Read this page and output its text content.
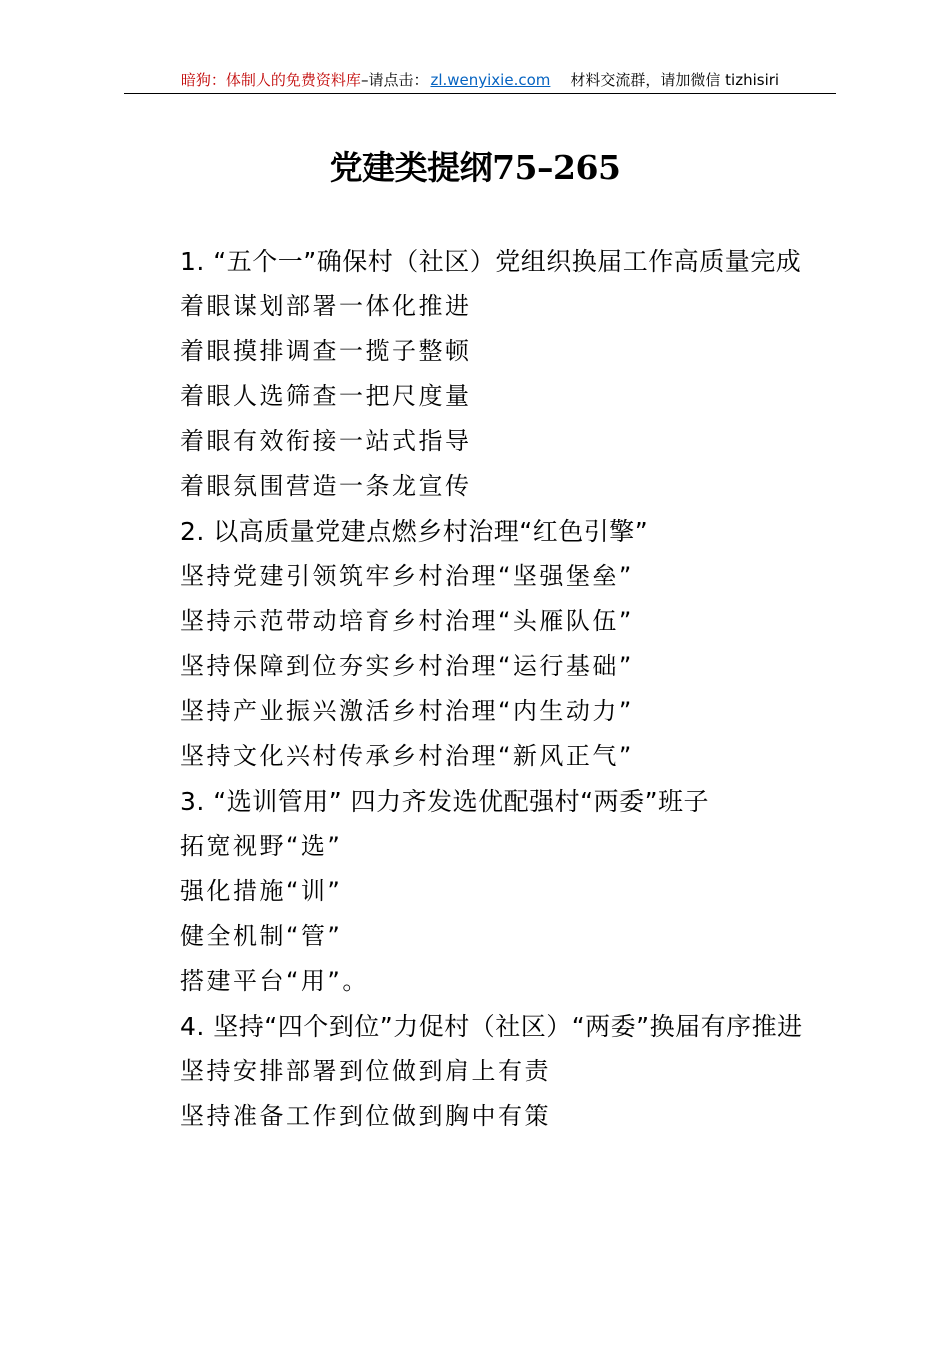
暗狗：体制人的免费资料库–请点击： zl.wenyixie.com 材料交流群，请加微信 tizhisiri
党建类提纲75–265
1. “五个一”确保村（社区）党组织换届工作高质量完成
着眼谋划部署一体化推进
着眼摸排调查一揽子整顿
着眼人选筛查一把尺度量
着眼有效衔接一站式指导
着眼氛围营造一条龙宣传
2. 以高质量党建点燃乡村治理“红色引擎”
坚持党建引领筑牢乡村治理“坚强堡垒”
坚持示范带动培育乡村治理“头雁队伍”
坚持保障到位夯实乡村治理“运行基础”
坚持产业振兴激活乡村治理“内生动力”
坚持文化兴村传承乡村治理“新风正气”
3. “选训管用” 四力齐发选优配强村“两委”班子
拓宽视野“选”
强化措施“训”
健全机制“管”
搭建平台“用”。
4. 坚持“四个到位”力促村（社区）“两委”换届有序推进
坚持安排部署到位做到肩上有责
坚持准备工作到位做到胸中有策
